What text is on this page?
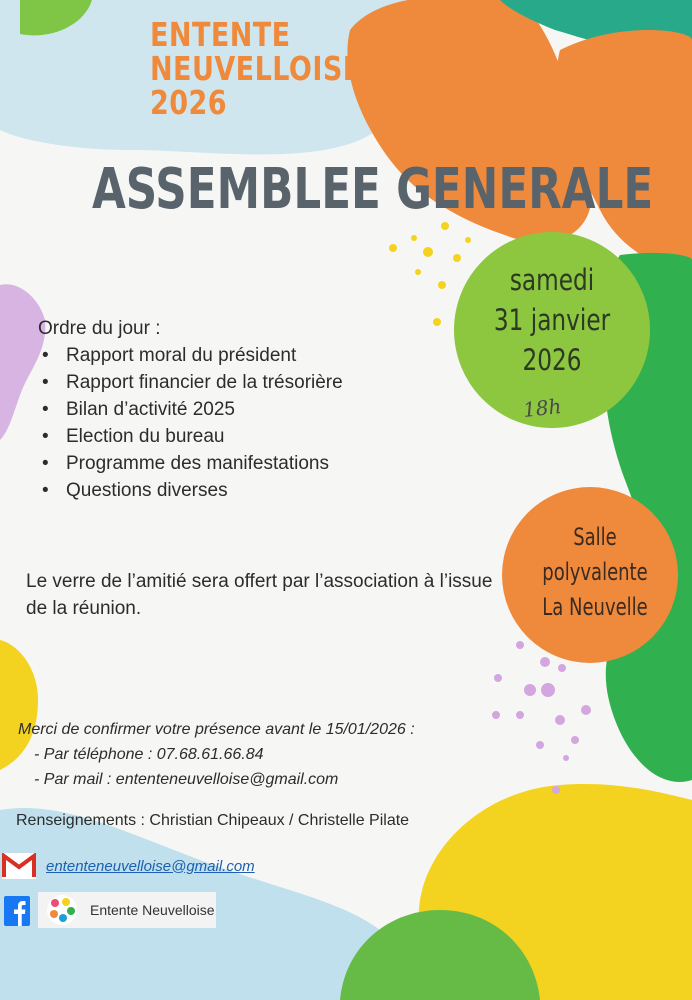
ENTENTE
NEUVELLOISE
2026
ASSEMBLEE GENERALE
Ordre du jour :
• Rapport moral du président
• Rapport financier de la trésorière
• Bilan d’activité 2025
• Election du bureau
• Programme des manifestations
• Questions diverses
samedi
31 janvier
2026
18h
Salle
polyvalente
La Neuvelle
Le verre de l’amitié sera offert par l’association à l’issue de la réunion.
Merci de confirmer votre présence avant le 15/01/2026 :
- Par téléphone : 07.68.61.66.84
- Par mail : ententeneuvelloise@gmail.com
Renseignements : Christian Chipeaux / Christelle Pilate
ententeneuvelloise@gmail.com
Entente Neuvelloise
